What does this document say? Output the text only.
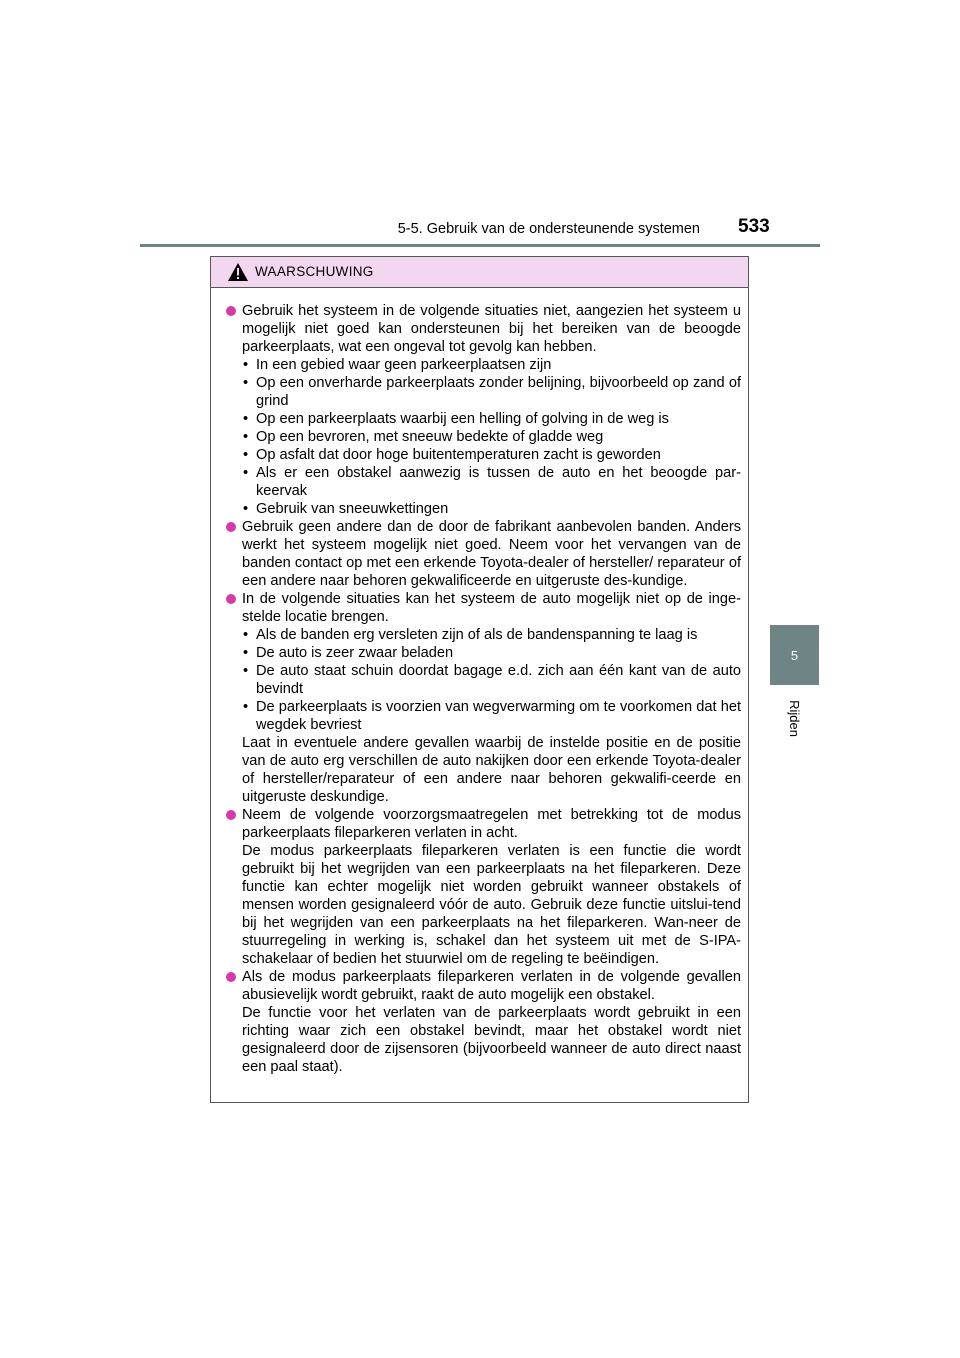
5-5. Gebruik van de ondersteunende systemen 533
5
Rijden
WAARSCHUWING

Gebruik het systeem in de volgende situaties niet, aangezien het systeem u mogelijk niet goed kan ondersteunen bij het bereiken van de beoogde parkeerplaats, wat een ongeval tot gevolg kan hebben.

• In een gebied waar geen parkeerplaatsen zijn
• Op een onverharde parkeerplaats zonder belijning, bijvoorbeeld op zand of grind
• Op een parkeerplaats waarbij een helling of golving in de weg is
• Op een bevroren, met sneeuw bedekte of gladde weg
• Op asfalt dat door hoge buitentemperaturen zacht is geworden
• Als er een obstakel aanwezig is tussen de auto en het beoogde par-keervak
• Gebruik van sneeuwkettingen

Gebruik geen andere dan de door de fabrikant aanbevolen banden. Anders werkt het systeem mogelijk niet goed. Neem voor het vervangen van de banden contact op met een erkende Toyota-dealer of hersteller/ reparateur of een andere naar behoren gekwalificeerde en uitgeruste des-kundige.

In de volgende situaties kan het systeem de auto mogelijk niet op de inge-stelde locatie brengen.

• Als de banden erg versleten zijn of als de bandenspanning te laag is
• De auto is zeer zwaar beladen
• De auto staat schuin doordat bagage e.d. zich aan één kant van de auto bevindt
• De parkeerplaats is voorzien van wegverwarming om te voorkomen dat het wegdek bevriest

Laat in eventuele andere gevallen waarbij de instelde positie en de positie van de auto erg verschillen de auto nakijken door een erkende Toyota-dealer of hersteller/reparateur of een andere naar behoren gekwalifi-ceerde en uitgeruste deskundige.

Neem de volgende voorzorgsmaatregelen met betrekking tot de modus parkeerplaats fileparkeren verlaten in acht.

De modus parkeerplaats fileparkeren verlaten is een functie die wordt gebruikt bij het wegrijden van een parkeerplaats na het fileparkeren. Deze functie kan echter mogelijk niet worden gebruikt wanneer obstakels of mensen worden gesignaleerd vóór de auto. Gebruik deze functie uitslui-tend bij het wegrijden van een parkeerplaats na het fileparkeren. Wan-neer de stuurregeling in werking is, schakel dan het systeem uit met de S-IPA-schakelaar of bedien het stuurwiel om de regeling te beëindigen.

Als de modus parkeerplaats fileparkeren verlaten in de volgende gevallen abusievelijk wordt gebruikt, raakt de auto mogelijk een obstakel.

De functie voor het verlaten van de parkeerplaats wordt gebruikt in een richting waar zich een obstakel bevindt, maar het obstakel wordt niet gesignaleerd door de zijsensoren (bijvoorbeeld wanneer de auto direct naast een paal staat).
